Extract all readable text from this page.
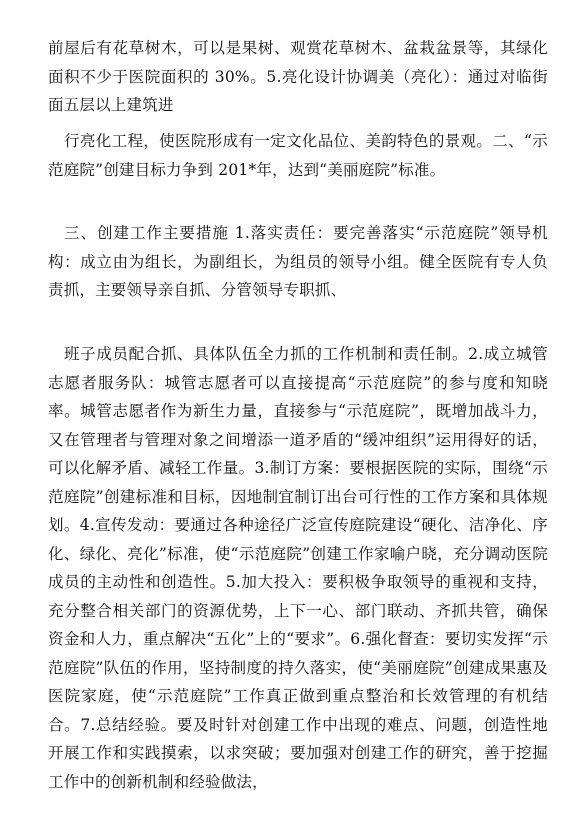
前屋后有花草树木，可以是果树、观赏花草树木、盆栽盆景等，其绿化面积不少于医院面积的 30%。5.亮化设计协调美（亮化）：通过对临街面五层以上建筑进

行亮化工程，使医院形成有一定文化品位、美韵特色的景观。二、“示范庭院”创建目标力争到 201*年，达到“美丽庭院”标准。

三、创建工作主要措施 1.落实责任：要完善落实“示范庭院”领导机构：成立由为组长，为副组长，为组员的领导小组。健全医院有专人负责抓，主要领导亲自抓、分管领导专职抓、

班子成员配合抓、具体队伍全力抓的工作机制和责任制。2.成立城管志愿者服务队：城管志愿者可以直接提高“示范庭院”的参与度和知晓率。城管志愿者作为新生力量，直接参与“示范庭院”，既增加战斗力，又在管理者与管理对象之间增添一道矛盾的“缓冲组织”运用得好的话，可以化解矛盾、减轻工作量。3.制订方案：要根据医院的实际，围绕“示范庭院”创建标准和目标，因地制宜制订出台可行性的工作方案和具体规划。4.宣传发动：要通过各种途径广泛宣传庭院建设“硬化、洁净化、序化、绿化、亮化”标准，使“示范庭院”创建工作家喻户晓，充分调动医院成员的主动性和创造性。5.加大投入：要积极争取领导的重视和支持，充分整合相关部门的资源优势，上下一心、部门联动、齐抓共管，确保资金和人力，重点解决“五化”上的“要求”。6.强化督查：要切实发挥“示范庭院”队伍的作用，坚持制度的持久落实，使“美丽庭院”创建成果惠及医院家庭，使“示范庭院”工作真正做到重点整治和长效管理的有机结合。7.总结经验。要及时针对创建工作中出现的难点、问题，创造性地开展工作和实践摸索，以求突破；要加强对创建工作的研究，善于挖掘工作中的创新机制和经验做法，
